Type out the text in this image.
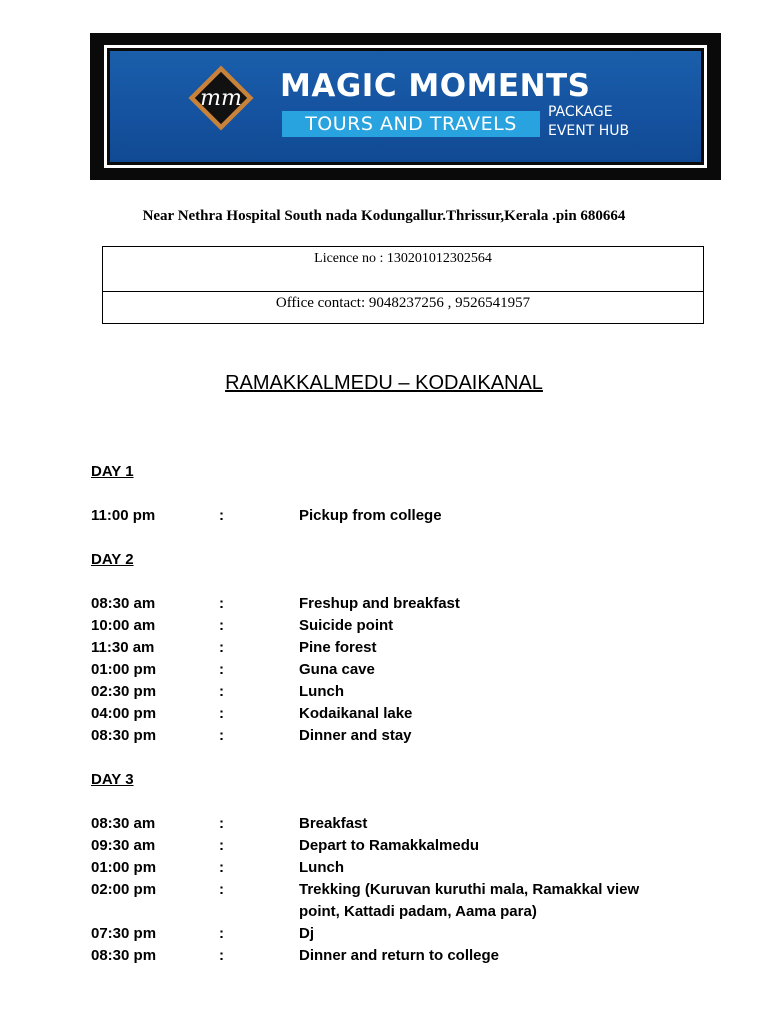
mm MAGIC MOMENTS
TOURS AND TRAVELS
PACKAGE
EVENT HUB
Near Nethra Hospital South nada Kodungallur.Thrissur,Kerala .pin 680664
Licence no : 130201012302564
Office contact: 9048237256 , 9526541957
RAMAKKALMEDU – KODAIKANAL
DAY 1
11:00 pm	:	Pickup from college
DAY 2
08:30 am	:	Freshup and breakfast
10:00 am	:	Suicide point
11:30 am	:	Pine forest
01:00 pm	:	Guna cave
02:30 pm	:	Lunch
04:00 pm	:	Kodaikanal lake
08:30 pm	:	Dinner and stay
DAY 3
08:30 am	:	Breakfast
09:30 am	:	Depart to Ramakkalmedu
01:00 pm	:	Lunch
02:00 pm	:	Trekking (Kuruvan kuruthi mala, Ramakkal view point, Kattadi padam, Aama para)
07:30 pm	:	Dj
08:30 pm	:	Dinner and return to college
